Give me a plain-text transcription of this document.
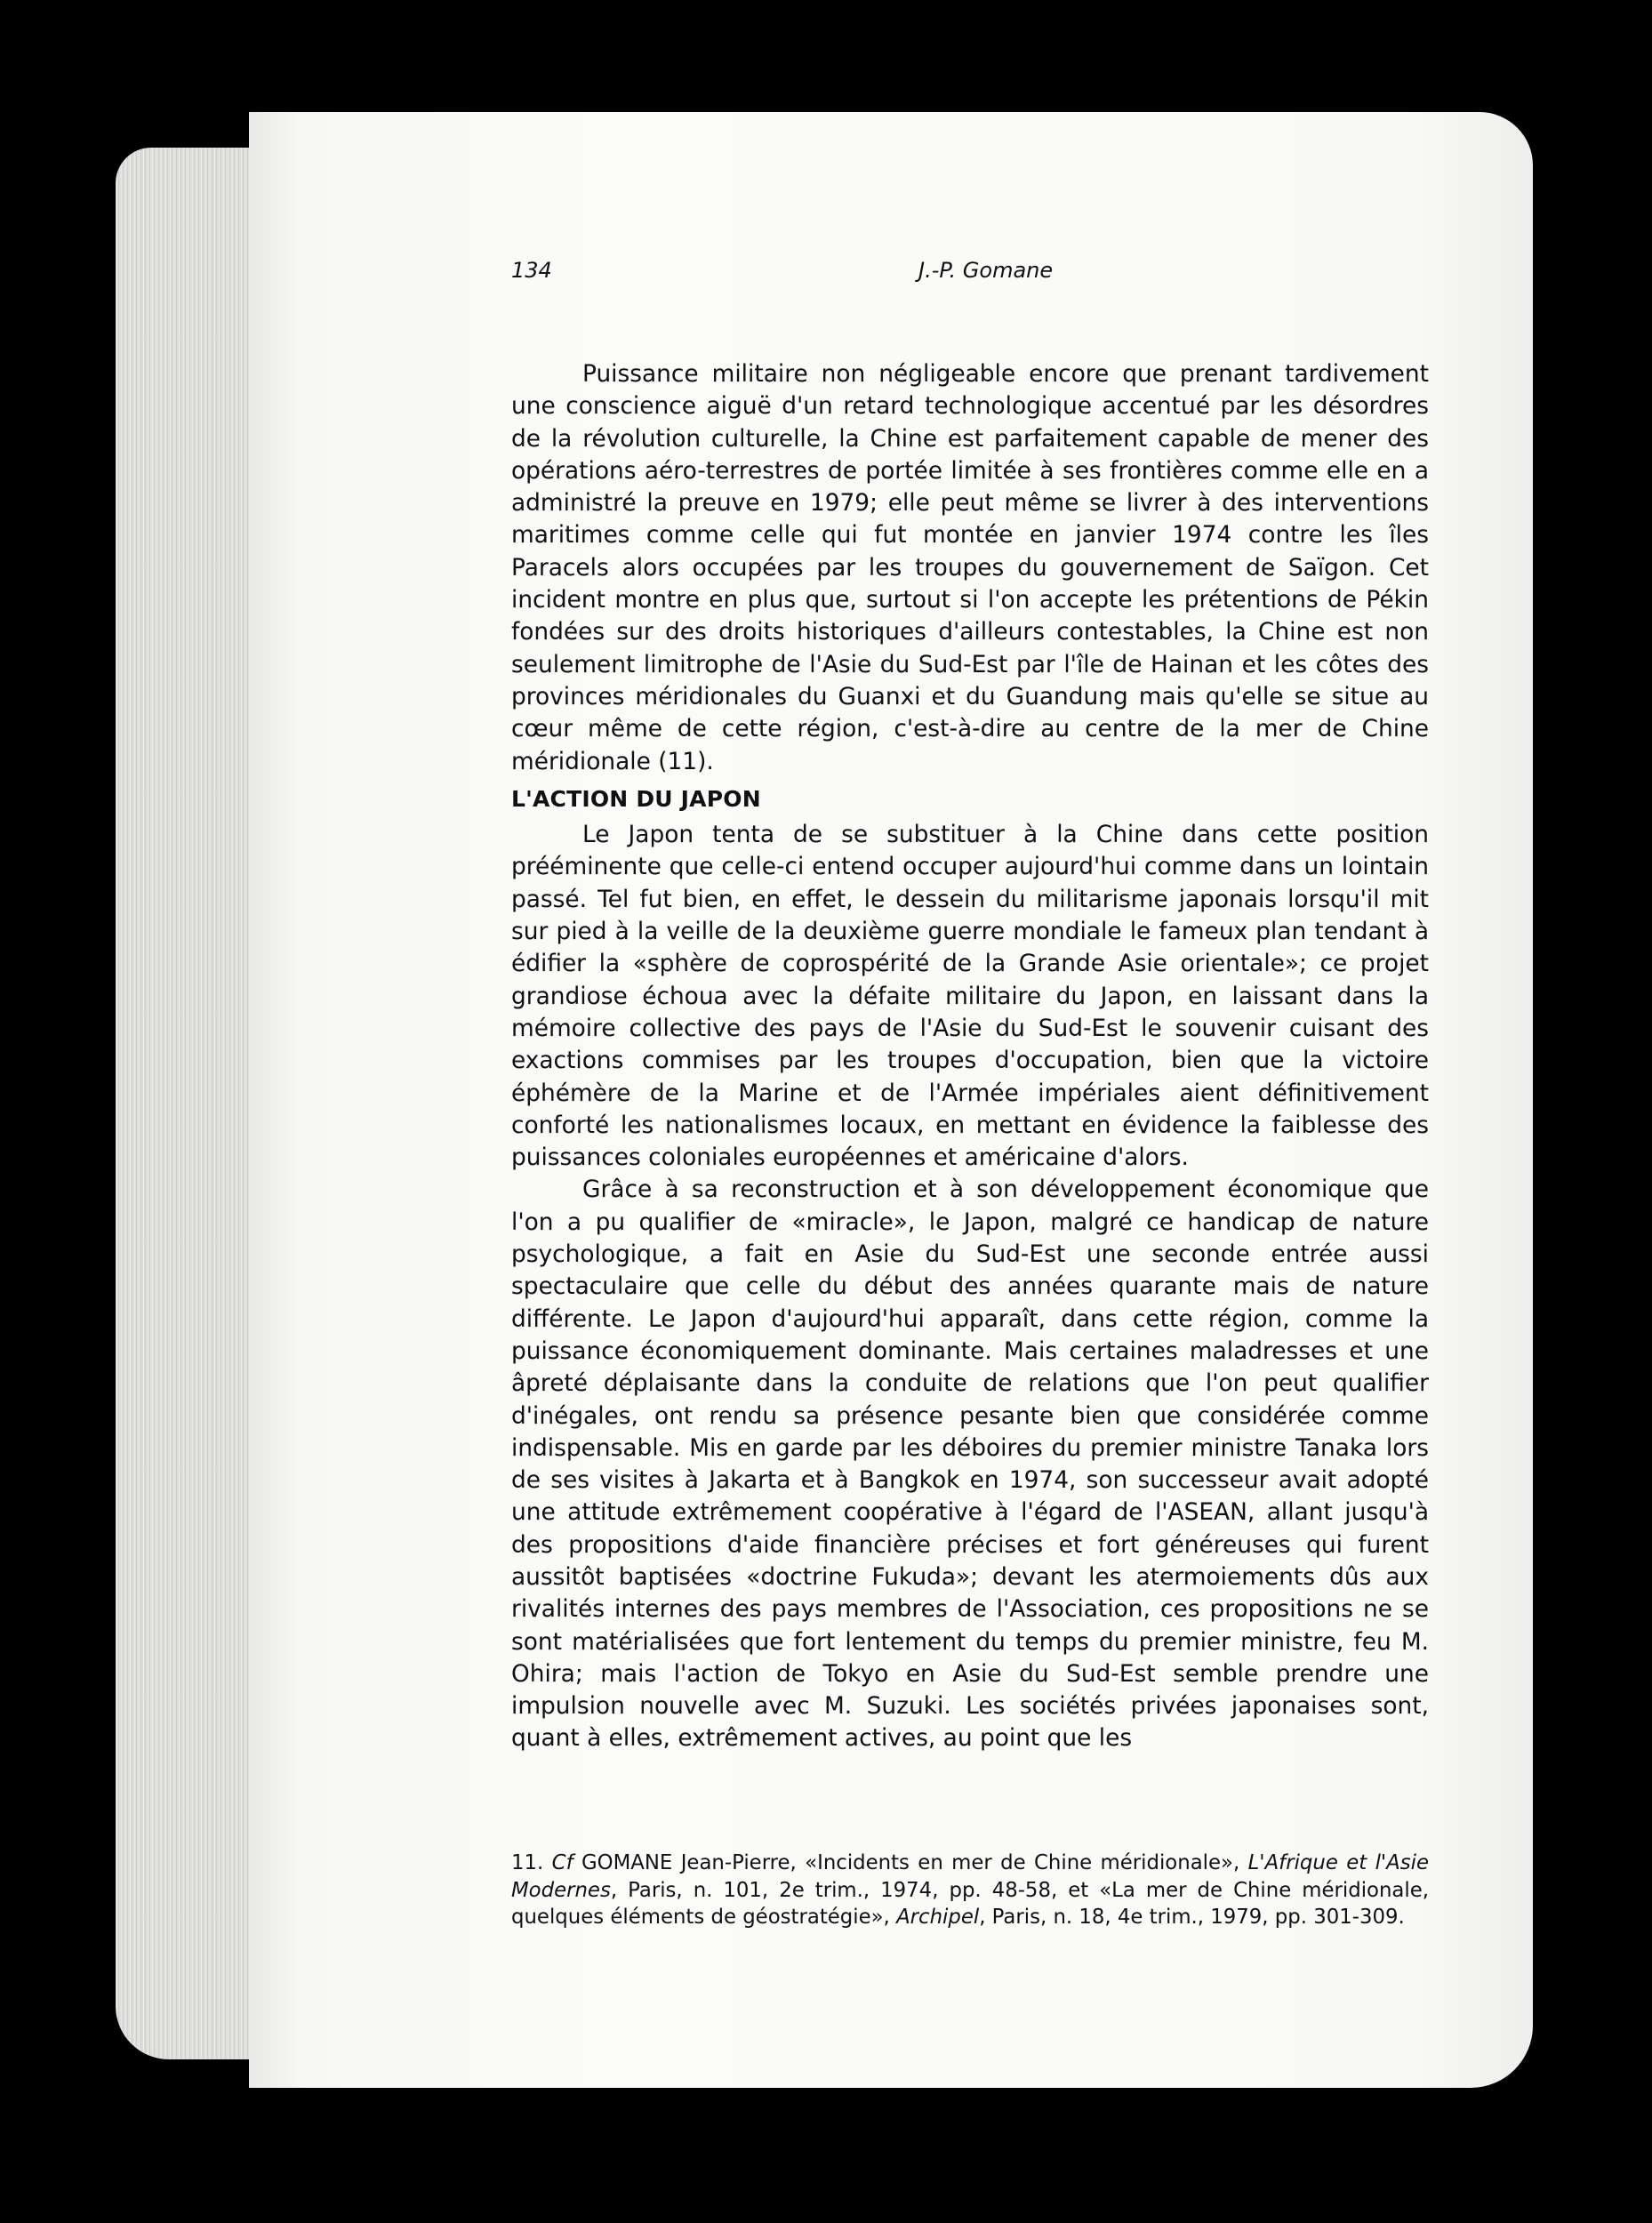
134	J.-P. Gomane

Puissance militaire non négligeable encore que prenant tardivement une conscience aiguë d'un retard technologique accentué par les désordres de la révolution culturelle, la Chine est parfaitement capable de mener des opérations aéro-terrestres de portée limitée à ses frontières comme elle en a administré la preuve en 1979; elle peut même se livrer à des interventions maritimes comme celle qui fut montée en janvier 1974 contre les îles Paracels alors occupées par les troupes du gouvernement de Saïgon. Cet incident montre en plus que, surtout si l'on accepte les prétentions de Pékin fondées sur des droits historiques d'ailleurs contestables, la Chine est non seulement limitrophe de l'Asie du Sud-Est par l'île de Hainan et les côtes des provinces méridionales du Guanxi et du Guandung mais qu'elle se situe au cœur même de cette région, c'est-à-dire au centre de la mer de Chine méridionale (11).

L'ACTION DU JAPON

Le Japon tenta de se substituer à la Chine dans cette position prééminente que celle-ci entend occuper aujourd'hui comme dans un lointain passé. Tel fut bien, en effet, le dessein du militarisme japonais lorsqu'il mit sur pied à la veille de la deuxième guerre mondiale le fameux plan tendant à édifier la «sphère de coprospérité de la Grande Asie orientale»; ce projet grandiose échoua avec la défaite militaire du Japon, en laissant dans la mémoire collective des pays de l'Asie du Sud-Est le souvenir cuisant des exactions commises par les troupes d'occupation, bien que la victoire éphémère de la Marine et de l'Armée impériales aient définitivement conforté les nationalismes locaux, en mettant en évidence la faiblesse des puissances coloniales européennes et américaine d'alors.

Grâce à sa reconstruction et à son développement économique que l'on a pu qualifier de «miracle», le Japon, malgré ce handicap de nature psychologique, a fait en Asie du Sud-Est une seconde entrée aussi spectaculaire que celle du début des années quarante mais de nature différente. Le Japon d'aujourd'hui apparaît, dans cette région, comme la puissance économiquement dominante. Mais certaines maladresses et une âpreté déplaisante dans la conduite de relations que l'on peut qualifier d'inégales, ont rendu sa présence pesante bien que considérée comme indispensable. Mis en garde par les déboires du premier ministre Tanaka lors de ses visites à Jakarta et à Bangkok en 1974, son successeur avait adopté une attitude extrêmement coopérative à l'égard de l'ASEAN, allant jusqu'à des propositions d'aide financière précises et fort généreuses qui furent aussitôt baptisées «doctrine Fukuda»; devant les atermoiements dûs aux rivalités internes des pays membres de l'Association, ces propositions ne se sont matérialisées que fort lentement du temps du premier ministre, feu M. Ohira; mais l'action de Tokyo en Asie du Sud-Est semble prendre une impulsion nouvelle avec M. Suzuki. Les sociétés privées japonaises sont, quant à elles, extrêmement actives, au point que les

11. Cf GOMANE Jean-Pierre, «Incidents en mer de Chine méridionale», L'Afrique et l'Asie Modernes, Paris, n. 101, 2e trim., 1974, pp. 48-58, et «La mer de Chine méridionale, quelques éléments de géostratégie», Archipel, Paris, n. 18, 4e trim., 1979, pp. 301-309.
